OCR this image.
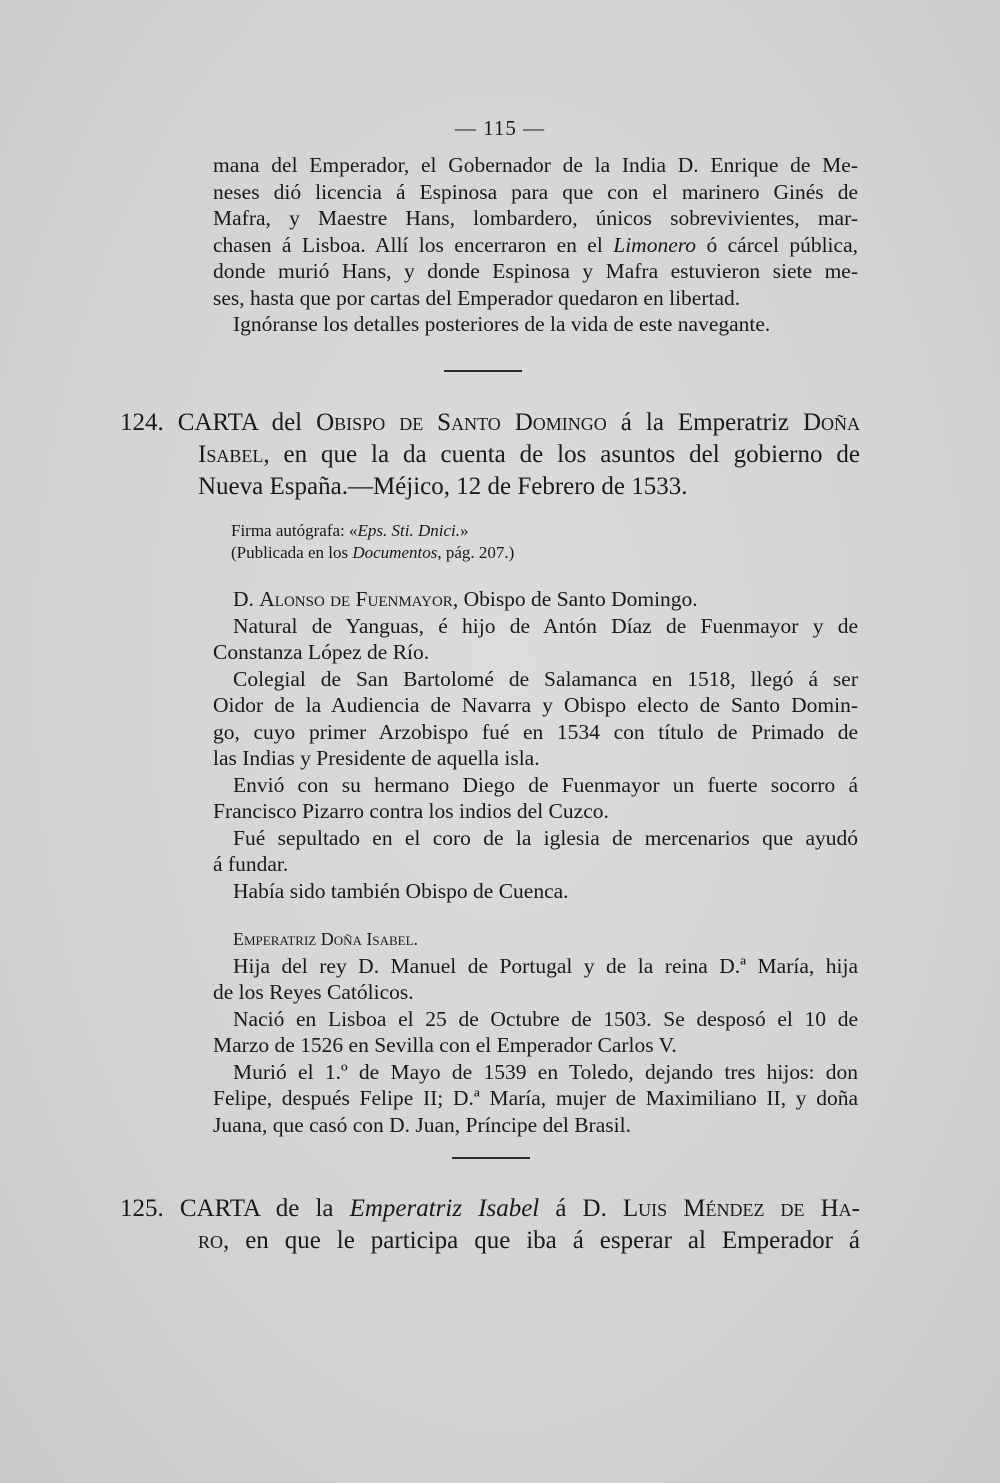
— 115 —
mana del Emperador, el Gobernador de la India D. Enrique de Me-
neses dió licencia á Espinosa para que con el marinero Ginés de
Mafra, y Maestre Hans, lombardero, únicos sobrevivientes, mar-
chasen á Lisboa. Allí los encerraron en el Limonero ó cárcel pública,
donde murió Hans, y donde Espinosa y Mafra estuvieron siete me-
ses, hasta que por cartas del Emperador quedaron en libertad.
Ignóranse los detalles posteriores de la vida de este navegante.
124. CARTA del Obispo de Santo Domingo á la Emperatriz Doña
Isabel, en que la da cuenta de los asuntos del gobierno de
Nueva España.—Méjico, 12 de Febrero de 1533.
Firma autógrafa: «Eps. Sti. Dnici.»
(Publicada en los Documentos, pág. 207.)
D. Alonso de Fuenmayor, Obispo de Santo Domingo.
Natural de Yanguas, é hijo de Antón Díaz de Fuenmayor y de
Constanza López de Río.
Colegial de San Bartolomé de Salamanca en 1518, llegó á ser
Oidor de la Audiencia de Navarra y Obispo electo de Santo Domin-
go, cuyo primer Arzobispo fué en 1534 con título de Primado de
las Indias y Presidente de aquella isla.
Envió con su hermano Diego de Fuenmayor un fuerte socorro á
Francisco Pizarro contra los indios del Cuzco.
Fué sepultado en el coro de la iglesia de mercenarios que ayudó
á fundar.
Había sido también Obispo de Cuenca.
Emperatriz Doña Isabel.
Hija del rey D. Manuel de Portugal y de la reina D.ª María, hija
de los Reyes Católicos.
Nació en Lisboa el 25 de Octubre de 1503. Se desposó el 10 de
Marzo de 1526 en Sevilla con el Emperador Carlos V.
Murió el 1.º de Mayo de 1539 en Toledo, dejando tres hijos: don
Felipe, después Felipe II; D.ª María, mujer de Maximiliano II, y doña
Juana, que casó con D. Juan, Príncipe del Brasil.
125. CARTA de la Emperatriz Isabel á D. Luis Méndez de Ha-
ro, en que le participa que iba á esperar al Emperador á
